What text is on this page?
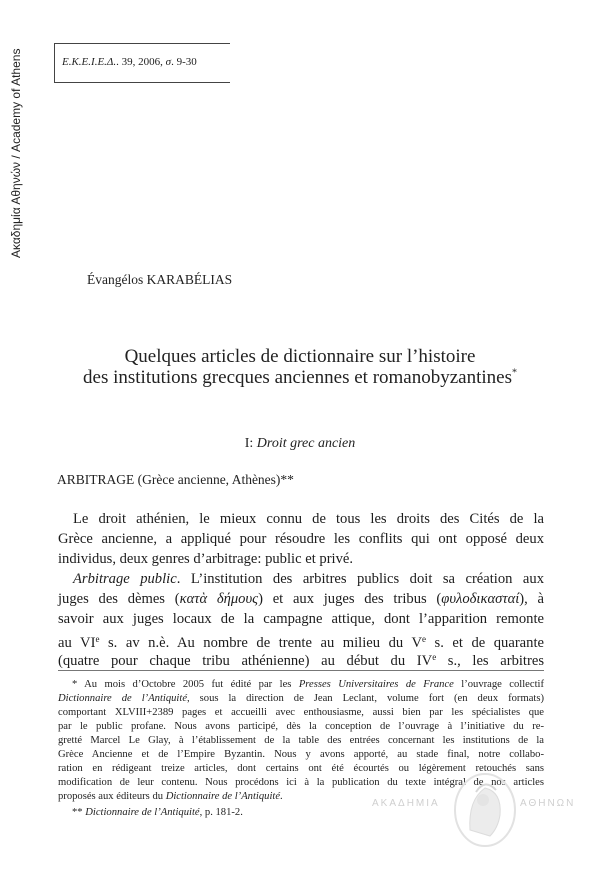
Ακαδημία Αθηνών / Academy of Athens	Ε.Κ.Ε.Ι.Ε.Δ.. 39, 2006, σ. 9-30
Évangélos KARABÉLIAS
Quelques articles de dictionnaire sur l’histoire
des institutions grecques anciennes et romanobyzantines*
I: Droit grec ancien
ARBITRAGE (Grèce ancienne, Athènes)**
Le droit athénien, le mieux connu de tous les droits des Cités de la
Grèce ancienne, a appliqué pour résoudre les conflits qui ont opposé deux
individus, deux genres d’arbitrage: public et privé.
Arbitrage public. L’institution des arbitres publics doit sa création aux
juges des dèmes (κατὰ δήμους) et aux juges des tribus (φυλοδικασταί), à
savoir aux juges locaux de la campagne attique, dont l’apparition remonte
au VIe s. av n.è. Au nombre de trente au milieu du Ve s. et de quarante
(quatre pour chaque tribu athénienne) au début du IVe s., les arbitres
* Au mois d’Octobre 2005 fut édité par les Presses Universitaires de France l’ouvrage collectif
Dictionnaire de l’Antiquité, sous la direction de Jean Leclant, volume fort (en deux formats)
comportant XLVIII+2389 pages et accueilli avec enthousiasme, aussi bien par les spécialistes que
par le public profane. Nous avons participé, dès la conception de l’ouvrage à l’initiative du re-
gretté Marcel Le Glay, à l’établissement de la table des entrées concernant les institutions de la
Grèce Ancienne et de l’Empire Byzantin. Nous y avons apporté, au stade final, notre collabo-
ration en rédigeant treize articles, dont certains ont été écourtés ou légèrement retouchés sans
modification de leur contenu. Nous procédons ici à la publication du texte intégral de nos articles
proposés aux éditeurs du Dictionnaire de l’Antiquité.
** Dictionnaire de l’Antiquité, p. 181-2.
ΑΚΑΔΗΜΙΑ	ΑΘΗΝΩΝ
